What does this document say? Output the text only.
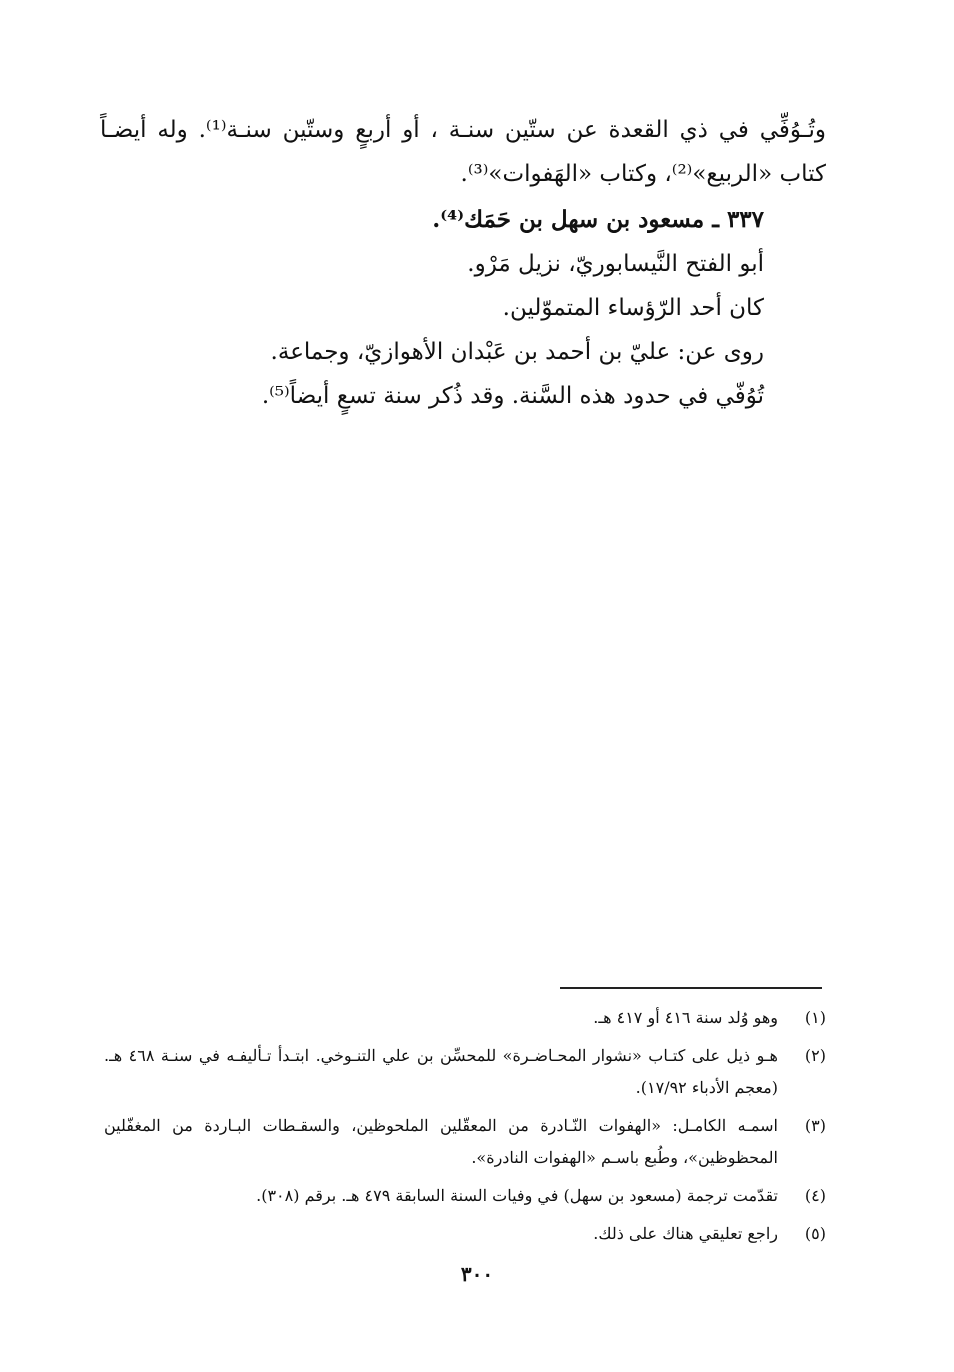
وتُـوُفِّي في ذي القعدة عن ستّين سنـة ، أو أربعٍ وستّين سنـة⁠⁽¹⁾. وله أيضـاً

كتاب «الربيع»⁽²⁾، وكتاب «الهَفوات»⁽³⁾.

٣٣٧ ـ مسعود بن سهل بن حَمَك⁽⁴⁾.

أبو الفتح النَّيسابوريّ، نزيل مَرْو.

كان أحد الرّؤساء المتموّلين.

روى عن: عليّ بن أحمد بن عَبْدان الأهوازيّ، وجماعة.

تُوُفّي في حدود هذه السَّنة. وقد ذُكر سنة تسعٍ أيضاً⁽⁵⁾.

(١)
وهو وُلد سنة ٤١٦ أو ٤١٧ هـ.
(٢)
هـو ذيل على كتـاب «نشوار المحـاضـرة» للمحسِّن بن علي التنـوخي. ابتـدأ تـأليفـه في سنـة ٤٦٨ هـ. (معجم الأدباء ١٧/٩٢).
(٣)
اسمـه الكامـل: «الهفوات النّـادرة من المعقّلين الملحوظين، والسقـطات البـاردة من المغفّلين المحظوظين»، وطُبع باسـم «الهفوات النادرة».
(٤)
تقدّمت ترجمة (مسعود بن سهل) في وفيات السنة السابقة ٤٧٩ هـ. برقم (٣٠٨).
(٥)
راجع تعليقي هناك على ذلك.
٣٠٠
